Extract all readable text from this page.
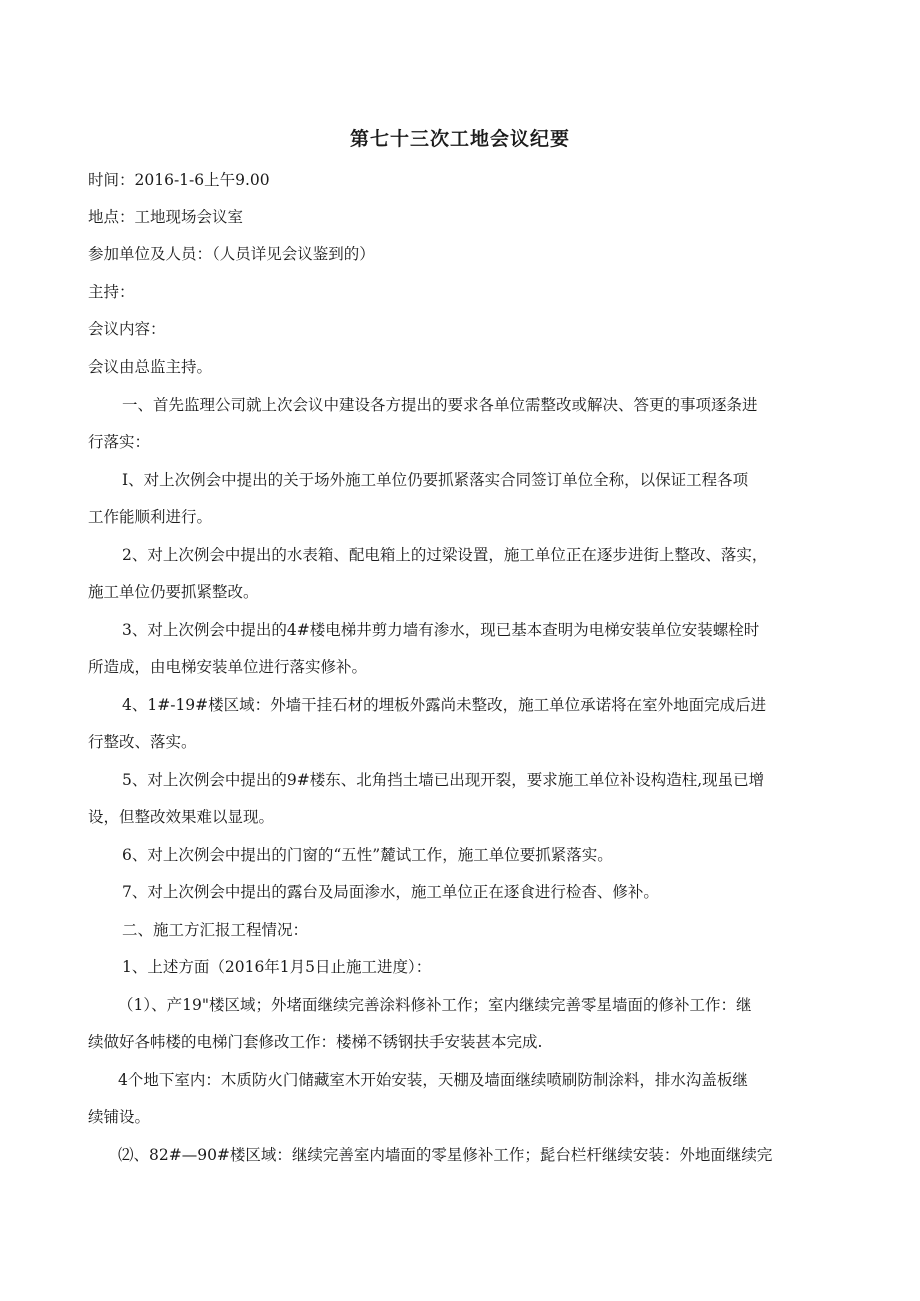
第七十三次工地会议纪要
时间：2016-1-6上午9.00
地点：工地现场会议室
参加单位及人员：（人员详见会议鉴到的）
主持：
会议内容：
会议由总监主持。
一、首先监理公司就上次会议中建设各方提出的要求各单位需整改或解决、答更的事项逐条进
行落实：
I、对上次例会中提出的关于场外施工单位仍要抓紧落实合同签订单位全称，以保证工程各项
工作能顺利进行。
2、对上次例会中提出的水表箱、配电箱上的过梁设置，施工单位正在逐步进街上整改、落实，
施工单位仍要抓紧整改。
3、对上次例会中提出的4#楼电梯井剪力墙有渗水，现已基本查明为电梯安装单位安装螺栓时
所造成，由电梯安装单位进行落实修补。
4、1#-19#楼区域：外墙干挂石材的埋板外露尚未整改，施工单位承诺将在室外地面完成后进
行整改、落实。
5、对上次例会中提出的9#楼东、北角挡土墙已出现开裂，要求施工单位补设构造柱,现虽已增
设，但整改效果难以显现。
6、对上次例会中提出的门窗的“五性”麓试工作，施工单位要抓紧落实。
7、对上次例会中提出的露台及局面渗水，施工单位正在逐食进行检杳、修补。
二、施工方汇报工程情况：
1、上述方面（2016年1月5日止施工进度）：
（1）、产19"楼区域；外堵面继续完善涂料修补工作；室内继续完善零星墙面的修补工作：继
续做好各帏楼的电梯门套修改工作：楼梯不锈钢扶手安装甚本完成.
4个地下室内：木质防火门储藏室木开始安装，天棚及墙面继续喷刷防制涂料，排水沟盖板继
续铺设。
⑵、82#—90#楼区域：继续完善室内墙面的零星修补工作；髭台栏杆继续安装：外地面继续完
